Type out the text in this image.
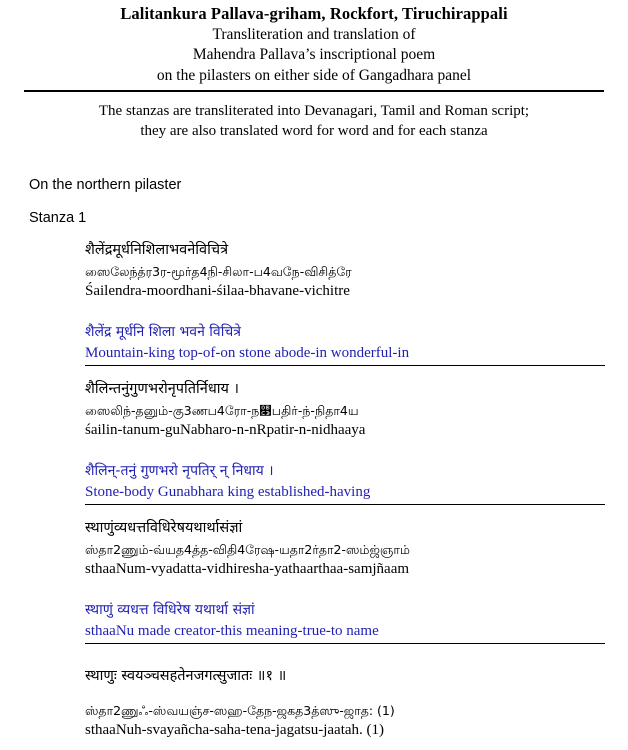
Lalitankura Pallava-griham, Rockfort, Tiruchirappali
Transliteration and translation of
Mahendra Pallava’s inscriptional poem
on the pilasters on either side of Gangadhara panel
The stanzas are transliterated into Devanagari, Tamil and Roman script;
they are also translated word for word and for each stanza
On the northern pilaster
Stanza 1
शैलेंद्रमूर्धनिशिलाभवनेविचित्रे
ஸைலேந்த்ர3ர-மூர்த4நி-சிலா-ப4வநே-விசித்ரே
Śailendra-moordhani-śilaa-bhavane-vichitre
शैलेंद्र मूर्धनि शिला भवने विचित्रे
Mountain-king top-of-on stone abode-in wonderful-in
शैलिन्तनुंगुणभरोनृपतिर्निधाय ।
ஸைலிந்-தனும்-கு3ணப4ரோ-ந௃பதிர்-ந்-நிதா4ய
śailin-tanum-guNabharo-n-nRpatir-n-nidhaaya
शैलिन्-तनुं गुणभरो नृपतिर् न् निधाय ।
Stone-body Gunabhara king established-having
स्थाणुंव्यधत्तविधिरेषयथार्थासंज्ञां
ஸ்தா2ணும்-வ்யத4த்த-விதி4ரேஷ-யதா2ர்தா2-ஸம்ஜ்ஞாம்
sthaaNum-vyadatta-vidhiresha-yathaarthaa-samjñaam
स्थाणुं व्यधत्त विधिरेष यथार्था संज्ञां
sthaaNu made creator-this meaning-true-to name
स्थाणुः स्वयञ्चसहतेनजगत्सुजातः ॥१ ॥
ஸ்தா2ணுஃ-ஸ்வயஞ்ச-ஸஹ-தேந-ஜகத3த்ஸு-ஜாத: (1)
sthaaNuh-svayañcha-saha-tena-jagatsu-jaatah. (1)
